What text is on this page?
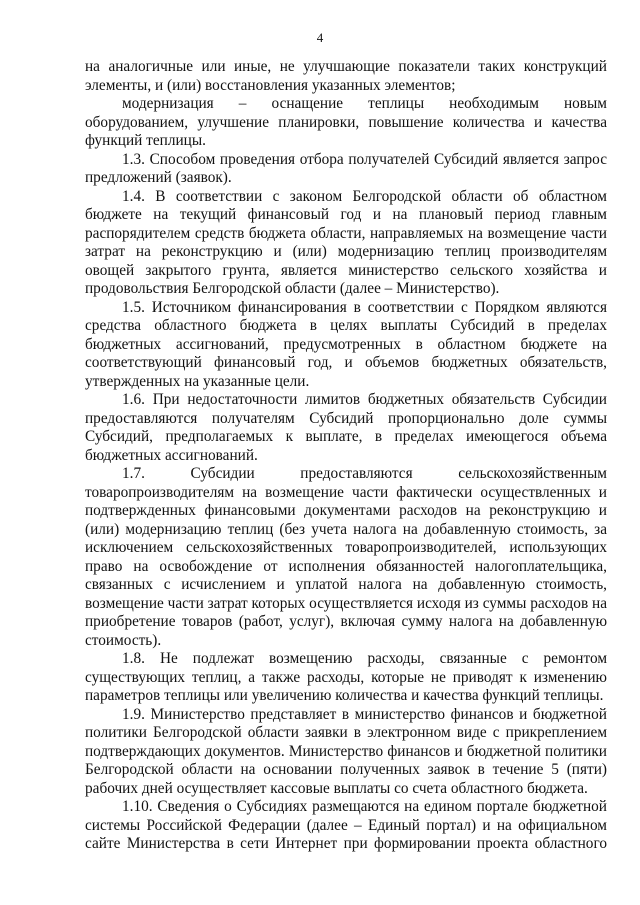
4

на аналогичные или иные, не улучшающие показатели таких конструкций элементы, и (или) восстановления указанных элементов;

модернизация – оснащение теплицы необходимым новым оборудованием, улучшение планировки, повышение количества и качества функций теплицы.

1.3. Способом проведения отбора получателей Субсидий является запрос предложений (заявок).

1.4. В соответствии с законом Белгородской области об областном бюджете на текущий финансовый год и на плановый период главным распорядителем средств бюджета области, направляемых на возмещение части затрат на реконструкцию и (или) модернизацию теплиц производителям овощей закрытого грунта, является министерство сельского хозяйства и продовольствия Белгородской области (далее – Министерство).

1.5. Источником финансирования в соответствии с Порядком являются средства областного бюджета в целях выплаты Субсидий в пределах бюджетных ассигнований, предусмотренных в областном бюджете на соответствующий финансовый год, и объемов бюджетных обязательств, утвержденных на указанные цели.

1.6. При недостаточности лимитов бюджетных обязательств Субсидии предоставляются получателям Субсидий пропорционально доле суммы Субсидий, предполагаемых к выплате, в пределах имеющегося объема бюджетных ассигнований.

1.7. Субсидии предоставляются сельскохозяйственным товаропроизводителям на возмещение части фактически осуществленных и подтвержденных финансовыми документами расходов на реконструкцию и (или) модернизацию теплиц (без учета налога на добавленную стоимость, за исключением сельскохозяйственных товаропроизводителей, использующих право на освобождение от исполнения обязанностей налогоплательщика, связанных с исчислением и уплатой налога на добавленную стоимость, возмещение части затрат которых осуществляется исходя из суммы расходов на приобретение товаров (работ, услуг), включая сумму налога на добавленную стоимость).

1.8. Не подлежат возмещению расходы, связанные с ремонтом существующих теплиц, а также расходы, которые не приводят к изменению параметров теплицы или увеличению количества и качества функций теплицы.

1.9. Министерство представляет в министерство финансов и бюджетной политики Белгородской области заявки в электронном виде с прикреплением подтверждающих документов. Министерство финансов и бюджетной политики Белгородской области на основании полученных заявок в течение 5 (пяти) рабочих дней осуществляет кассовые выплаты со счета областного бюджета.

1.10. Сведения о Субсидиях размещаются на едином портале бюджетной системы Российской Федерации (далее – Единый портал) и на официальном сайте Министерства в сети Интернет при формировании проекта областного
